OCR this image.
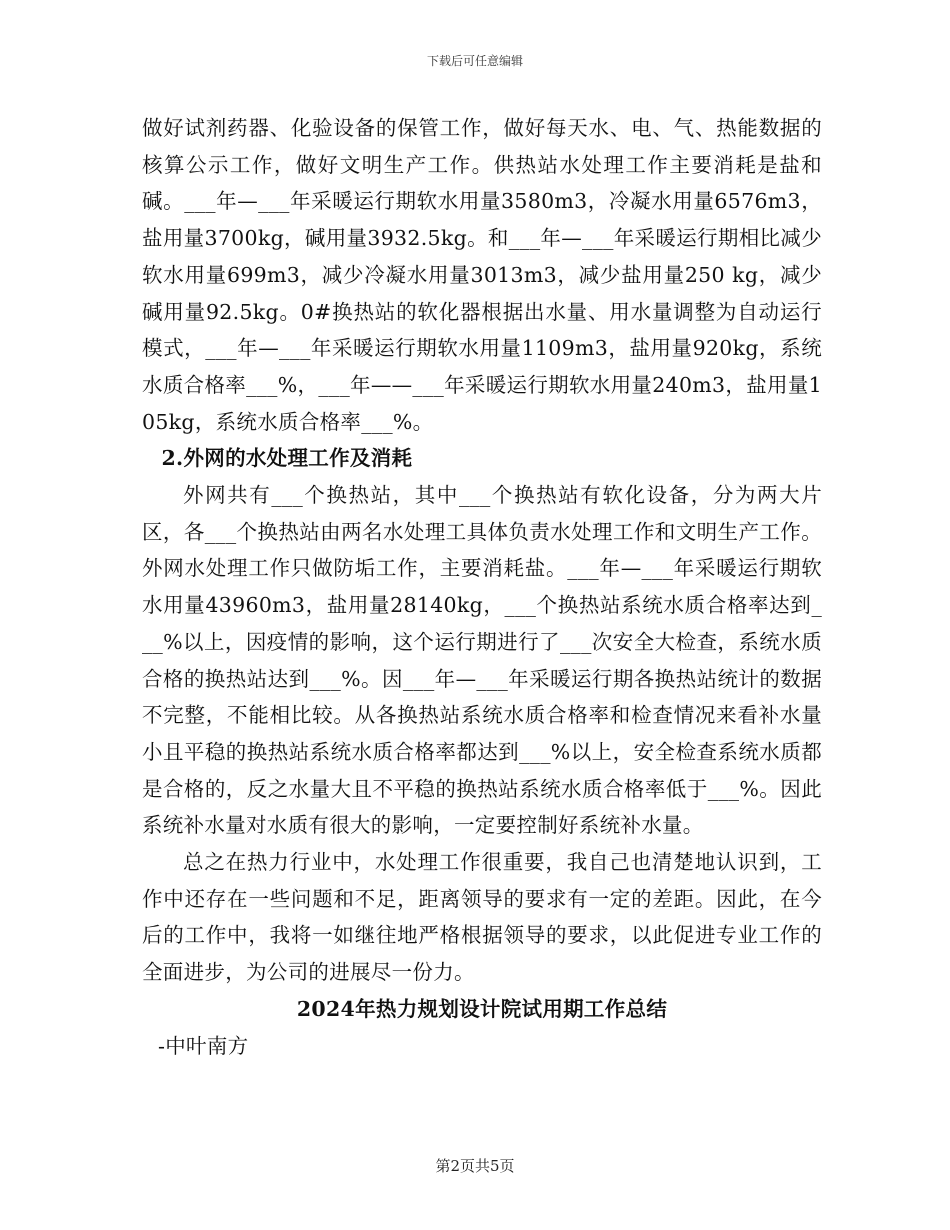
下载后可任意编辑

做好试剂药器、化验设备的保管工作，做好每天水、电、气、热能数据的核算公示工作，做好文明生产工作。供热站水处理工作主要消耗是盐和碱。___年—___年采暖运行期软水用量3580m3，冷凝水用量6576m3，盐用量3700kg，碱用量3932.5kg。和___年—___年采暖运行期相比减少软水用量699m3，减少冷凝水用量3013m3，减少盐用量250 kg，减少碱用量92.5kg。0#换热站的软化器根据出水量、用水量调整为自动运行模式，___年—___年采暖运行期软水用量1109m3，盐用量920kg，系统水质合格率___%，___年——___年采暖运行期软水用量240m3，盐用量105kg，系统水质合格率___%。

2.外网的水处理工作及消耗

外网共有___个换热站，其中___个换热站有软化设备，分为两大片区，各___个换热站由两名水处理工具体负责水处理工作和文明生产工作。外网水处理工作只做防垢工作，主要消耗盐。___年—___年采暖运行期软水用量43960m3，盐用量28140kg，___个换热站系统水质合格率达到___%以上，因疫情的影响，这个运行期进行了___次安全大检查，系统水质合格的换热站达到___%。因___年—___年采暖运行期各换热站统计的数据不完整，不能相比较。从各换热站系统水质合格率和检查情况来看补水量小且平稳的换热站系统水质合格率都达到___%以上，安全检查系统水质都是合格的，反之水量大且不平稳的换热站系统水质合格率低于___%。因此系统补水量对水质有很大的影响，一定要控制好系统补水量。

总之在热力行业中，水处理工作很重要，我自己也清楚地认识到，工作中还存在一些问题和不足，距离领导的要求有一定的差距。因此，在今后的工作中，我将一如继往地严格根据领导的要求，以此促进专业工作的全面进步，为公司的进展尽一份力。

2024年热力规划设计院试用期工作总结

-中叶南方

第2页共5页
